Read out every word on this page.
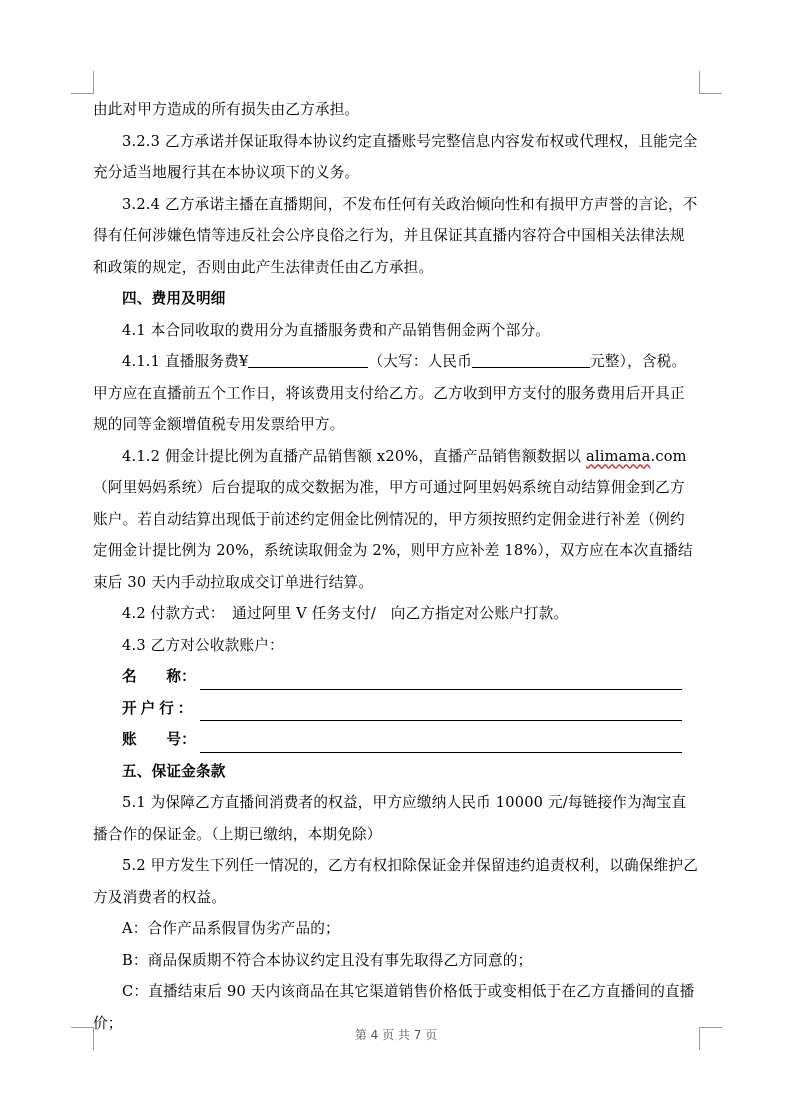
由此对甲方造成的所有损失由乙方承担。

3.2.3 乙方承诺并保证取得本协议约定直播账号完整信息内容发布权或代理权，且能完全充分适当地履行其在本协议项下的义务。

3.2.4 乙方承诺主播在直播期间，不发布任何有关政治倾向性和有损甲方声誉的言论，不得有任何涉嫌色情等违反社会公序良俗之行为，并且保证其直播内容符合中国相关法律法规和政策的规定，否则由此产生法律责任由乙方承担。

四、费用及明细

4.1 本合同收取的费用分为直播服务费和产品销售佣金两个部分。

4.1.1 直播服务费¥	（大写：人民币	元整），含税。甲方应在直播前五个工作日，将该费用支付给乙方。乙方收到甲方支付的服务费用后开具正规的同等金额增值税专用发票给甲方。

4.1.2 佣金计提比例为直播产品销售额 x20%，直播产品销售额数据以 alimama.com（阿里妈妈系统）后台提取的成交数据为准，甲方可通过阿里妈妈系统自动结算佣金到乙方账户。若自动结算出现低于前述约定佣金比例情况的，甲方须按照约定佣金进行补差（例约定佣金计提比例为 20%，系统读取佣金为 2%，则甲方应补差 18%），双方应在本次直播结束后 30 天内手动拉取成交订单进行结算。

4.2 付款方式：　通过阿里 V 任务支付/　向乙方指定对公账户打款。

4.3 乙方对公收款账户：

名　　称：
开户行：
账　　号：

五、保证金条款

5.1 为保障乙方直播间消费者的权益，甲方应缴纳人民币 10000 元/每链接作为淘宝直播合作的保证金。（上期已缴纳，本期免除）

5.2 甲方发生下列任一情况的，乙方有权扣除保证金并保留违约追责权利，以确保维护乙方及消费者的权益。

A：合作产品系假冒伪劣产品的；

B：商品保质期不符合本协议约定且没有事先取得乙方同意的；

C：直播结束后 90 天内该商品在其它渠道销售价格低于或变相低于在乙方直播间的直播价；

第 4 页 共 7 页
